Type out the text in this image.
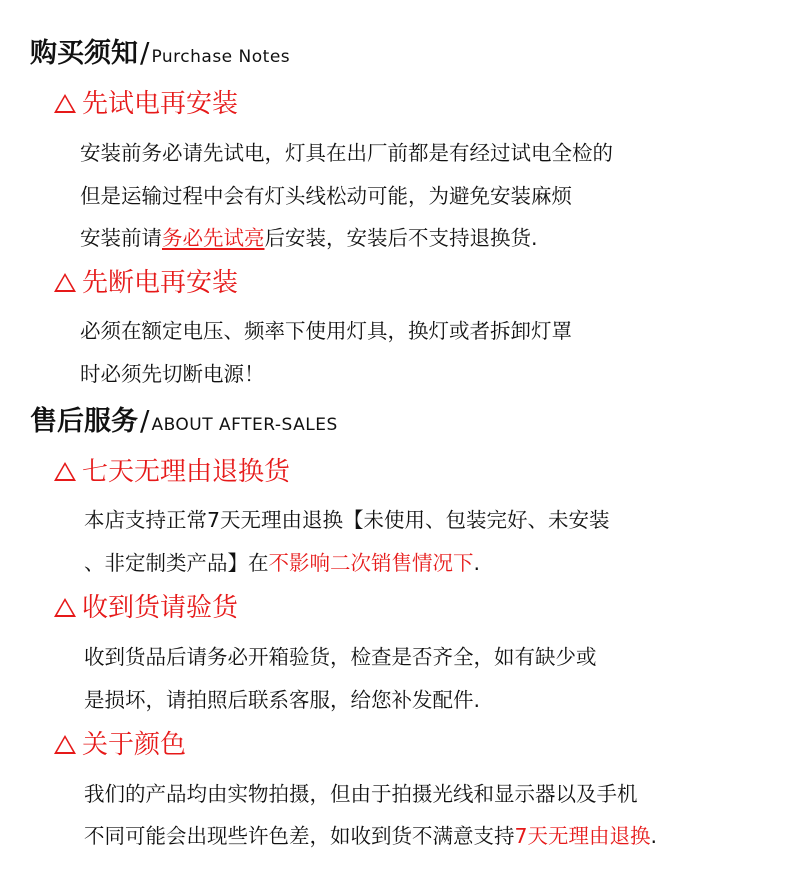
购买须知/ Purchase Notes
先试电再安装
安装前务必请先试电，灯具在出厂前都是有经过试电全检的
但是运输过程中会有灯头线松动可能，为避免安装麻烦
安装前请务必先试亮后安装，安装后不支持退换货.
先断电再安装
必须在额定电压、频率下使用灯具，换灯或者拆卸灯罩
时必须先切断电源！
售后服务/ ABOUT AFTER-SALES
七天无理由退换货
本店支持正常7天无理由退换【未使用、包装完好、未安装
、非定制类产品】在不影响二次销售情况下.
收到货请验货
收到货品后请务必开箱验货，检查是否齐全，如有缺少或
是损坏，请拍照后联系客服，给您补发配件.
关于颜色
我们的产品均由实物拍摄，但由于拍摄光线和显示器以及手机
不同可能会出现些许色差，如收到货不满意支持7天无理由退换.
